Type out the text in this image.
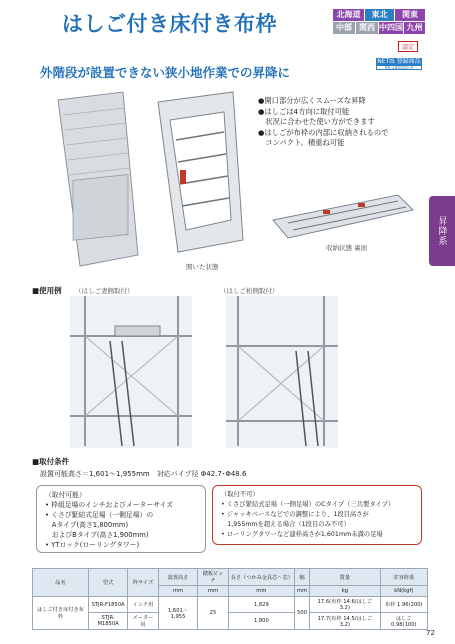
はしご付き床付き布枠	北海道	東北	関東
中部 関西 中四国 九州
認定
外階段が設置できない狭小地作業での昇降に
NETIS 登録商品
KK-180005-A
昇降系
開いた状態
●開口部分が広くスムーズな昇降
●はしごは4方向に取付可能
　状況に合わせた使い方ができます
●はしごが布枠の内部に収納されるので
　コンパクト。積重ね可能
収納状態 裏面
■使用例 （はしご妻側取付）	（はしご桁側取付）
■取付条件
設置可能高さ＝1,601～1,955mm　対応パイプ径 Φ42.7･Φ48.6
（取付可能）
• 枠組足場のインチおよびメーターサイズ
• くさび緊結式足場（一側足場）の
　Aタイプ(高さ1,800mm)
　およびBタイプ(高さ1,900mm)
• YTロック(ローリングタワー)
（取付不可）
• くさび緊結式足場（一側足場）のCタイプ（三共製タイプ）
• ジャッキベースなどでの調整により、1段目高さが
　1,955mmを超える場合（1段目のみ不可）
• ローリングタワーなど建枠高さが1,601mm未満の足場
品名	型式	枠サイズ	設置高さ	踏板ピッチ	長さ（つかみ金具芯～芯）	幅	質量	許容荷重
			mm	mm	mm	mm	kg	kN(kgf)
はしご付き床付き布枠	STJR-F1850A	インチ用	1,601～1,955	25	1,829	500	17.6(布枠 14.6/はしご 3.2)	布枠 1.96(200)
	STJR-M1850A	メーター用			1,800		17.7(布枠 14.5/はしご 3.2)	はしご 0.98(100)
72
